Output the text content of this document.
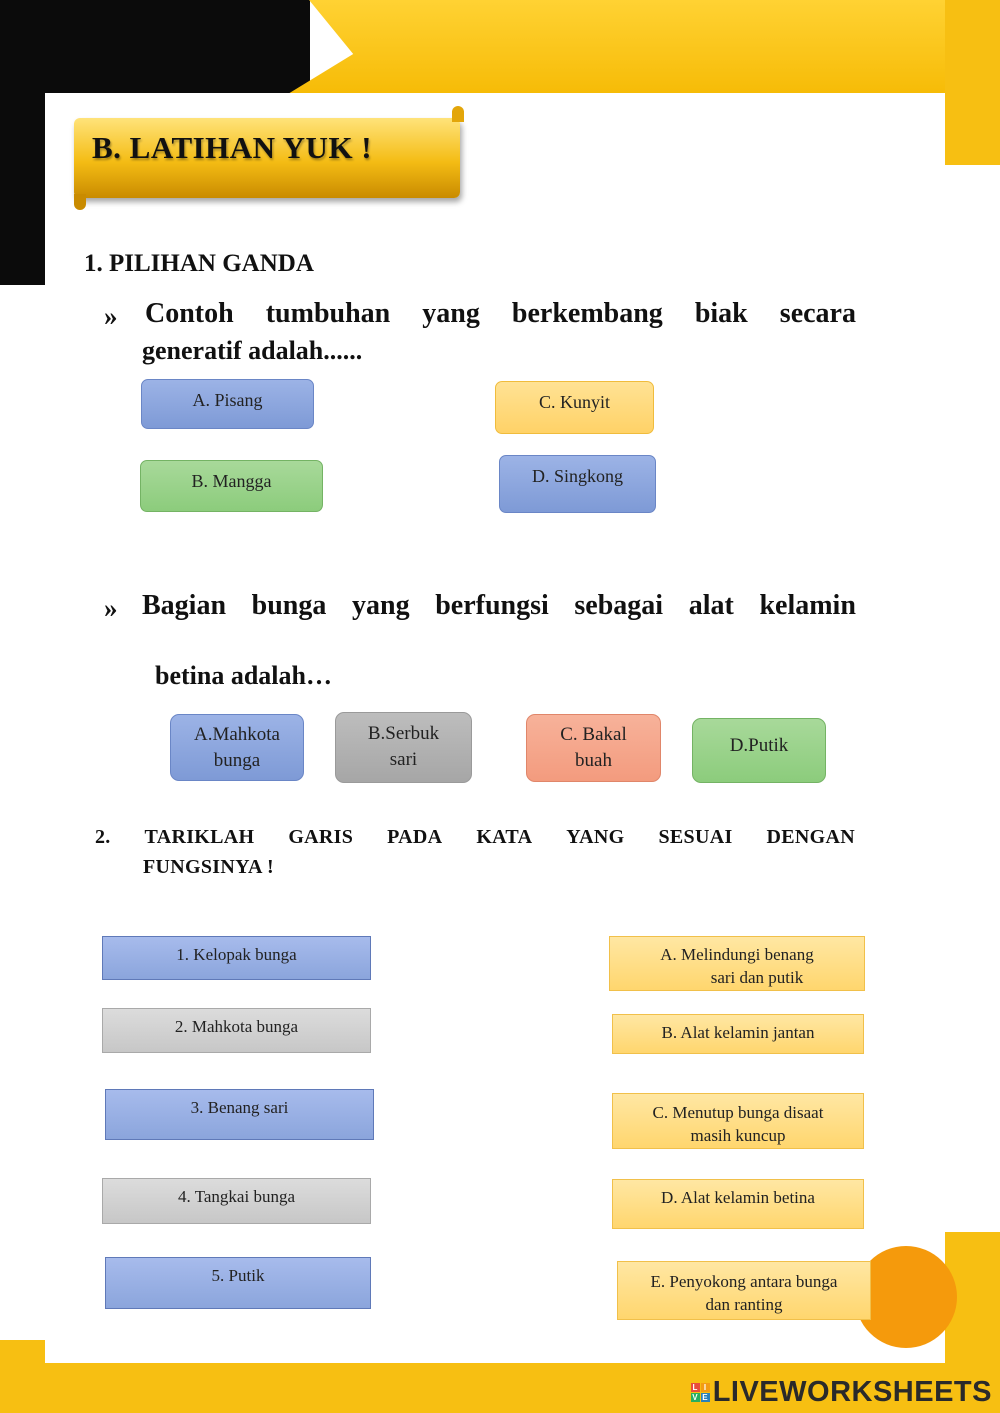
B. LATIHAN YUK !
1. PILIHAN GANDA
» Contoh tumbuhan yang berkembang biak secara
generatif adalah......
A. Pisang	C. Kunyit
B. Mangga	D. Singkong
» Bagian bunga yang berfungsi sebagai alat kelamin
betina adalah…
A.Mahkota
bunga
B.Serbuk
sari
C. Bakal
buah
D.Putik
2. TARIKLAH GARIS PADA KATA YANG SESUAI DENGAN
FUNGSINYA !
1. Kelopak bunga
2. Mahkota bunga
3. Benang sari
4. Tangkai bunga
5. Putik
A. Melindungi benang
sari dan putik
B. Alat kelamin jantan
C. Menutup bunga disaat
masih kuncup
D. Alat kelamin betina
E. Penyokong antara bunga
dan ranting
L I
V E LIVEWORKSHEETS
